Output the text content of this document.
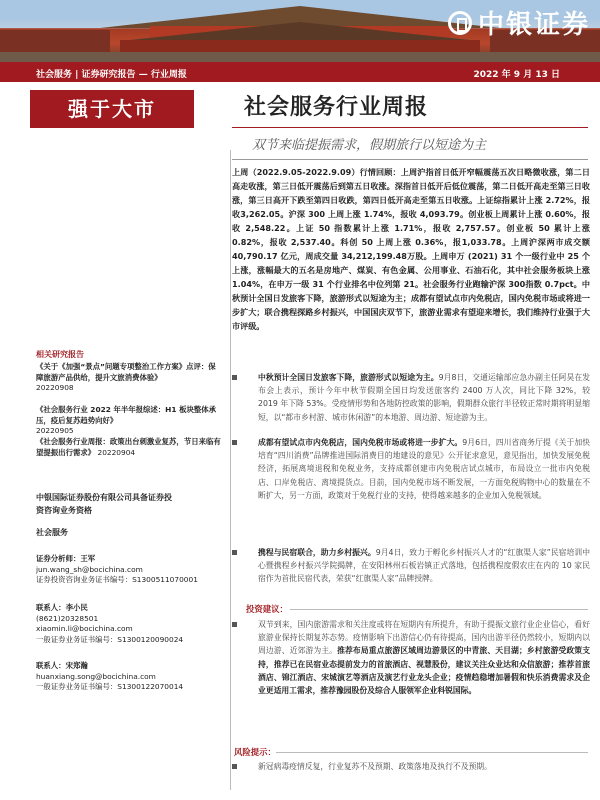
中银证券
社会服务 | 证券研究报告 — 行业周报	2022 年 9 月 13 日
强于大市	社会服务行业周报
双节来临提振需求，假期旅行以短途为主
上周（2022.9.05-2022.9.09）行情回顾：上周沪指首日低开窄幅震荡五次日略微收涨，第二日高走收涨，第三日低开震荡后到第五日收涨。深指首日低开后低位震荡，第二日低开高走至第三日收涨，第三日高开下跌至第四日收跌，第四日低开高走至第五日收涨。上证综指累计上涨 2.72%，报收3,262.05。沪深 300 上周上涨 1.74%，报收 4,093.79。创业板上周累计上涨 0.60%，报收 2,548.22。上证 50 指数累计上涨 1.71%，报收 2,757.57。创业板 50 累计上涨 0.82%，报收 2,537.40。科创 50 上周上涨 0.36%，报1,033.78。上周沪深两市成交额 40,790.17 亿元，周成交量 34,212,199.48万股。上周申万 (2021) 31 个一级行业中 25 个上涨，涨幅最大的五名是房地产、煤炭、有色金属、公用事业、石油石化，其中社会服务板块上涨 1.04%，在申万一级 31 个行业排名中位列第 21。社会服务行业跑输沪深 300指数 0.7pct。中秋预计全国日发旅客下降，旅游形式以短途为主；成都有望试点市内免税店，国内免税市场或将进一步扩大；联合携程探路乡村振兴，中国国庆双节下，旅游业需求有望迎来增长，我们维持行业强于大市评级。
中秋预计全国日发旅客下降，旅游形式以短途为主。9月8日，交通运输部应急办副主任阿昊在发布会上表示，预计今年中秋节假期全国日均发送旅客约 2400 万人次，同比下降 32%，较 2019 年下降 53%。受疫情形势和各地防控政策的影响，假期群众旅行半径较正常时期将明显缩短，以“都市乡村游、城市休闲游”的本地游、周边游、短途游为主。
成都有望试点市内免税店，国内免税市场或将进一步扩大。9月6日，四川省商务厅提《关于加快培育“四川消费”品牌推进国际消费目的地建设的意见》公开征求意见，意见指出，加快发展免税经济，拓展离境退税和免税业务，支持成都创建市内免税店试点城市，布局设立一批市内免税店、口岸免税店、离境提货点。目前，国内免税市场不断发展，一方面免税购物中心的数量在不断扩大，另一方面，政策对于免税行业的支持，使得越来越多的企业加入免税领域。
携程与民宿联合，助力乡村振兴。9月4日，致力于孵化乡村振兴人才的“红旗渠人家”民宿培训中心暨携程乡村振兴学院揭牌，在安阳林州石板岩镇正式落地，包括携程度假农庄在内的 10 家民宿作为首批民宿代表，荣获“红旗渠人家”品牌授牌。
投资建议：
双节到来，国内旅游需求和关注度或将在短期内有所提升，有助于提振文旅行业企业信心，看好旅游业保持长期复苏态势。疫情影响下出游信心仍有待提高，国内出游半径仍然较小，短期内以周边游、近郊游为主。推荐布局重点旅游区域周边游景区的中青旅、天目湖；乡村旅游受政策支持，推荐已在民宿业态提前发力的首旅酒店、视慧股份，建议关注众业达和众信旅游；推荐首旅酒店、锦江酒店、宋城演艺等酒店及演艺行业龙头企业；疫情趋稳增加暑假和快乐消费需求及企业更适用工需求，推荐豫园股份及综合人服领军企业科锐国际。
风险提示：
新冠病毒疫情反复，行业复苏不及预期、政策落地及执行不及预期。
相关研究报告
《关于《加强“景点”问题专项整治工作方案》点评：保障旅游产品供给，提升文旅消费体验》
20220908
《社会服务行业 2022 年半年报综述：H1 板块整体承压，疫后复苏趋势向好》
20220905
《社会服务行业周报：政策出台刺激业复苏，节日来临有望提振出行需求》 20220904
中银国际证券股份有限公司具备证券投资咨询业务资格
社会服务
证券分析师：王军
jun.wang_sh@bocichina.com
证券投资咨询业务证书编号：S1300511070001
联系人：李小民
(8621)20328501
xiaomin.li@bocichina.com
一般证券业务证书编号：S1300120090024
联系人：宋郑瀚
huanxiang.song@bocichina.com
一般证券业务证书编号：S1300122070014
